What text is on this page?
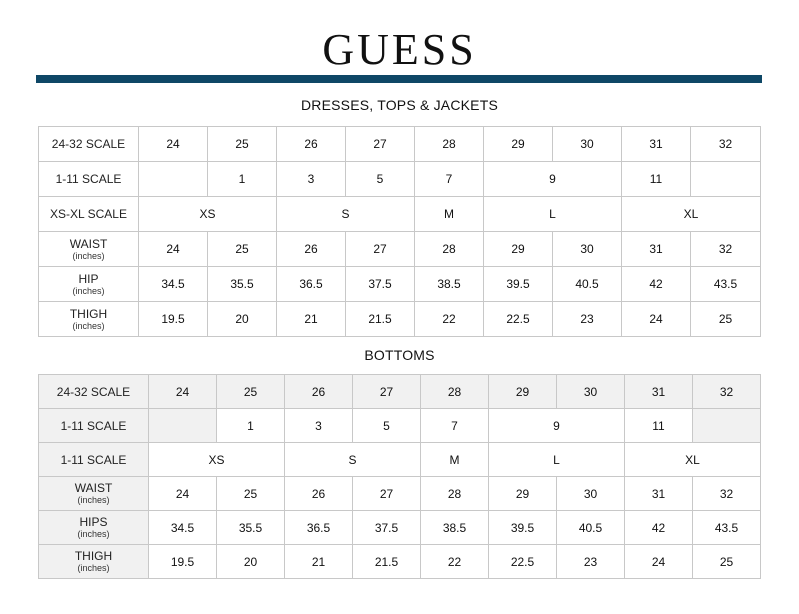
GUESS
DRESSES, TOPS & JACKETS
24-32 SCALE	24	25	26	27	28	29	30	31	32
1-11 SCALE		1	3	5	7	9		11	
XS-XL SCALE	XS		S		M	L		XL	

WAIST
(inches)	24	25	26	27	28	29	30	31	32

HIP
(inches)	34.5	35.5	36.5	37.5	38.5	39.5	40.5	42	43.5

THIGH
(inches)	19.5	20	21	21.5	22	22.5	23	24	25
BOTTOMS
24-32 SCALE	24	25	26	27	28	29	30	31	32
1-11 SCALE		1	3	5	7	9		11	
1-11 SCALE	XS		S		M	L		XL	

WAIST
(inches)	24	25	26	27	28	29	30	31	32

HIPS
(inches)	34.5	35.5	36.5	37.5	38.5	39.5	40.5	42	43.5

THIGH
(inches)	19.5	20	21	21.5	22	22.5	23	24	25
